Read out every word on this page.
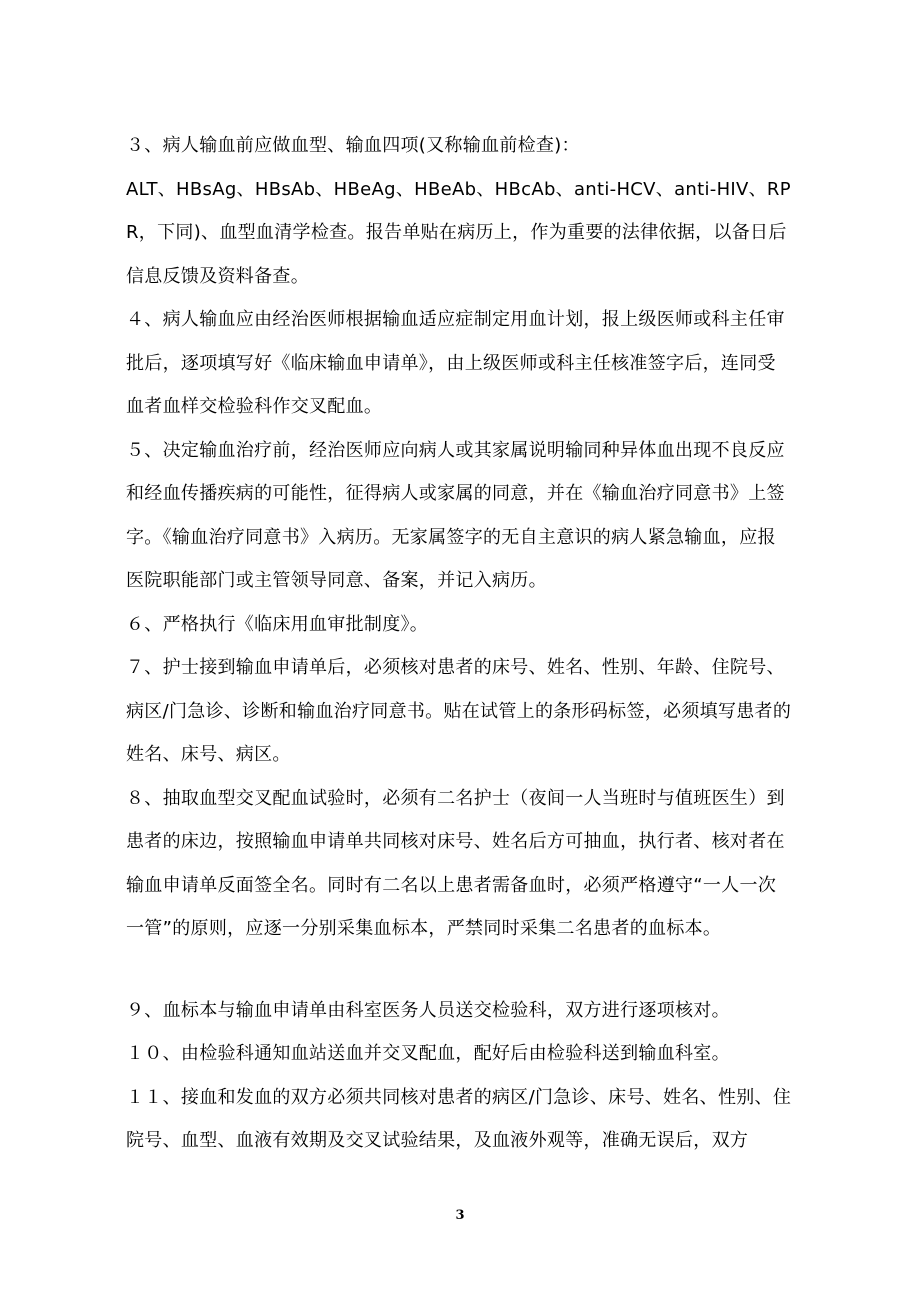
３、病人输血前应做血型、输血四项(又称输血前检查)：

ALT、HBsAg、HBsAb、HBeAg、HBeAb、HBcAb、anti-HCV、anti-HIV、RPR，下同)、血型血清学检查。报告单贴在病历上，作为重要的法律依据，以备日后信息反馈及资料备查。

４、病人输血应由经治医师根据输血适应症制定用血计划，报上级医师或科主任审批后，逐项填写好《临床输血申请单》，由上级医师或科主任核准签字后，连同受血者血样交检验科作交叉配血。

５、决定输血治疗前，经治医师应向病人或其家属说明输同种异体血出现不良反应和经血传播疾病的可能性，征得病人或家属的同意，并在《输血治疗同意书》上签字。《输血治疗同意书》入病历。无家属签字的无自主意识的病人紧急输血，应报医院职能部门或主管领导同意、备案，并记入病历。

６、严格执行《临床用血审批制度》。

７、护士接到输血申请单后，必须核对患者的床号、姓名、性别、年龄、住院号、病区/门急诊、诊断和输血治疗同意书。贴在试管上的条形码标签，必须填写患者的姓名、床号、病区。

８、抽取血型交叉配血试验时，必须有二名护士（夜间一人当班时与值班医生）到患者的床边，按照输血申请单共同核对床号、姓名后方可抽血，执行者、核对者在输血申请单反面签全名。同时有二名以上患者需备血时，必须严格遵守“一人一次一管”的原则，应逐一分别采集血标本，严禁同时采集二名患者的血标本。

９、血标本与输血申请单由科室医务人员送交检验科，双方进行逐项核对。

１０、由检验科通知血站送血并交叉配血，配好后由检验科送到输血科室。

１１、接血和发血的双方必须共同核对患者的病区/门急诊、床号、姓名、性别、住院号、血型、血液有效期及交叉试验结果，及血液外观等，准确无误后，双方

3
